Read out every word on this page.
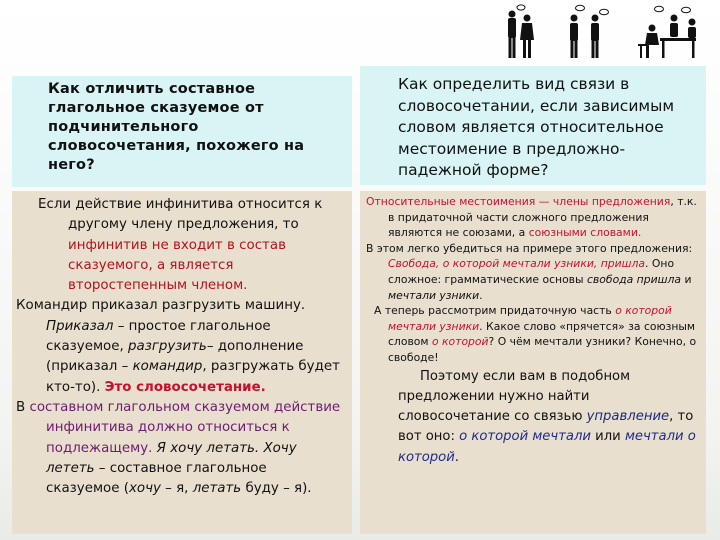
Как отличить составное глагольное сказуемое от подчинительного словосочетания, похожего на него?

Как определить вид связи в словосочетании, если зависимым словом является относительное местоимение в предложно-падежной форме?

Если действие инфинитива относится к другому члену предложения, то инфинитив не входит в состав сказуемого, а является второстепенным членом.

Командир приказал разгрузить машину. Приказал – простое глагольное сказуемое, разгрузить– дополнение (приказал – командир, разгружать будет кто-то). Это словосочетание.

В составном глагольном сказуемом действие инфинитива должно относиться к подлежащему. Я хочу летать. Хочу лететь – составное глагольное сказуемое (хочу – я, летать буду – я).

Относительные местоимения — члены предложения, т.к. в придаточной части сложного предложения являются не союзами, а союзными словами.

В этом легко убедиться на примере этого предложения: Свобода, о которой мечтали узники, пришла. Оно сложное: грамматические основы свобода пришла и мечтали узники.

А теперь рассмотрим придаточную часть о которой мечтали узники. Какое слово «прячется» за союзным словом о которой? О чём мечтали узники? Конечно, о свободе!

Поэтому если вам в подобном предложении нужно найти словосочетание со связью управление, то вот оно: о которой мечтали или мечтали о которой.
